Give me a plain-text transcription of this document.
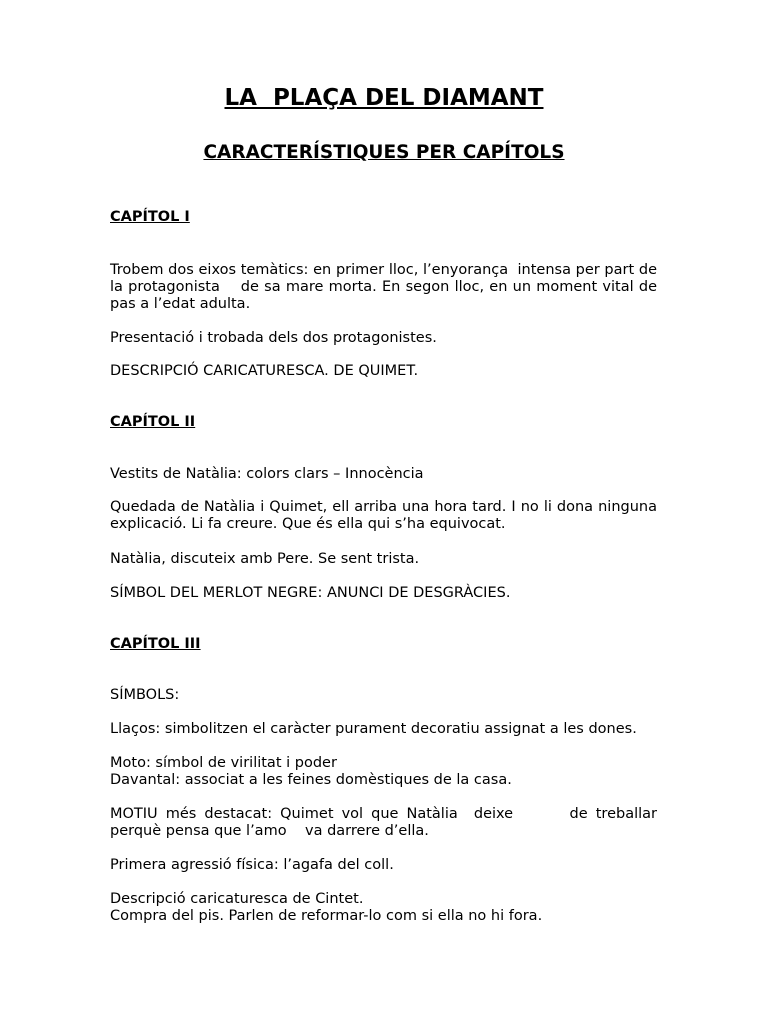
LA  PLAÇA DEL DIAMANT
CARACTERÍSTIQUES PER CAPÍTOLS
CAPÍTOL I
Trobem dos eixos temàtics: en primer lloc, l’enyorança  intensa per part de la protagonista    de sa mare morta. En segon lloc, en un moment vital de pas a l’edat adulta.
Presentació i trobada dels dos protagonistes.
DESCRIPCIÓ CARICATURESCA. DE QUIMET.
CAPÍTOL II
Vestits de Natàlia: colors clars – Innocència
Quedada de Natàlia i Quimet, ell arriba una hora tard. I no li dona ninguna explicació. Li fa creure. Que és ella qui s’ha equivocat.
Natàlia, discuteix amb Pere. Se sent trista.
SÍMBOL DEL MERLOT NEGRE: ANUNCI DE DESGRÀCIES.
CAPÍTOL III
SÍMBOLS:
Llaços: simbolitzen el caràcter purament decoratiu assignat a les dones.
Moto: símbol de virilitat i poder
Davantal: associat a les feines domèstiques de la casa.
MOTIU més destacat: Quimet vol que Natàlia  deixe       de treballar perquè pensa que l’amo    va darrere d’ella.
Primera agressió física: l’agafa del coll.
Descripció caricaturesca de Cintet.
Compra del pis. Parlen de reformar-lo com si ella no hi fora.
